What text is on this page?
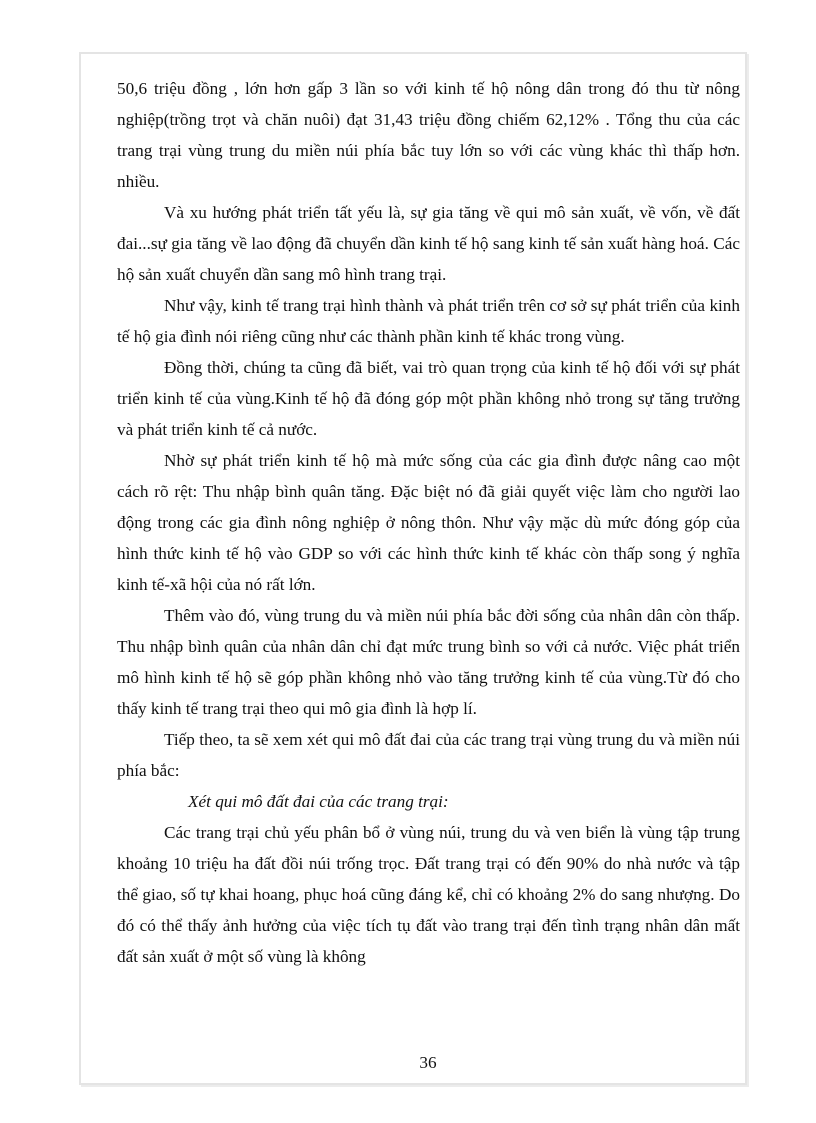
50,6 triệu đồng , lớn hơn gấp 3 lần so với kinh tế hộ nông dân trong đó thu từ nông nghiệp(trồng trọt và chăn nuôi) đạt 31,43 triệu đồng chiếm 62,12% . Tổng thu của các trang trại vùng trung du miền núi phía bắc tuy lớn so với các vùng khác thì thấp hơn. nhiều.

Và xu hướng phát triển tất yếu là, sự gia tăng về qui mô sản xuất, về vốn, về đất đai...sự gia tăng về lao động đã chuyển dần kinh tế hộ sang kinh tế sản xuất hàng hoá. Các hộ sản xuất chuyển dần sang mô hình trang trại.

Như vậy, kinh tế trang trại hình thành và phát triển trên cơ sở sự phát triển của kinh tế hộ gia đình nói riêng cũng như các thành phần kinh tế khác trong vùng.

Đồng thời, chúng ta cũng đã biết, vai trò quan trọng của kinh tế hộ đối với sự phát triển kinh tế của vùng.Kinh tế hộ đã đóng góp một phần không nhỏ trong sự tăng trưởng và phát triển kinh tế cả nước.

Nhờ sự phát triển kinh tế hộ mà mức sống của các gia đình được nâng cao một cách rõ rệt: Thu nhập bình quân tăng. Đặc biệt nó đã giải quyết việc làm cho người lao động trong các gia đình nông nghiệp ở nông thôn. Như vậy mặc dù mức đóng góp của hình thức kinh tế hộ vào GDP so với các hình thức kinh tế khác còn thấp song ý nghĩa kinh tế-xã hội của nó rất lớn.

Thêm vào đó, vùng trung du và miền núi phía bắc đời sống của nhân dân còn thấp. Thu nhập bình quân của nhân dân chỉ đạt mức trung bình so với cả nước. Việc phát triển mô hình kinh tế hộ sẽ góp phần không nhỏ vào tăng trưởng kinh tế của vùng.Từ đó cho thấy kinh tế trang trại theo qui mô gia đình là hợp lí.

Tiếp theo, ta sẽ xem xét qui mô đất đai của các trang trại vùng trung du và miền núi phía bắc:

Xét qui mô đất đai của các trang trại:

Các trang trại chủ yếu phân bổ ở vùng núi, trung du và ven biển là vùng tập trung khoảng 10 triệu ha đất đồi núi trống trọc. Đất trang trại có đến 90% do nhà nước và tập thể giao, số tự khai hoang, phục hoá cũng đáng kể, chỉ có khoảng 2% do sang nhượng. Do đó có thể thấy ảnh hưởng của việc tích tụ đất vào trang trại đến tình trạng nhân dân mất đất sản xuất ở một số vùng là không

36
